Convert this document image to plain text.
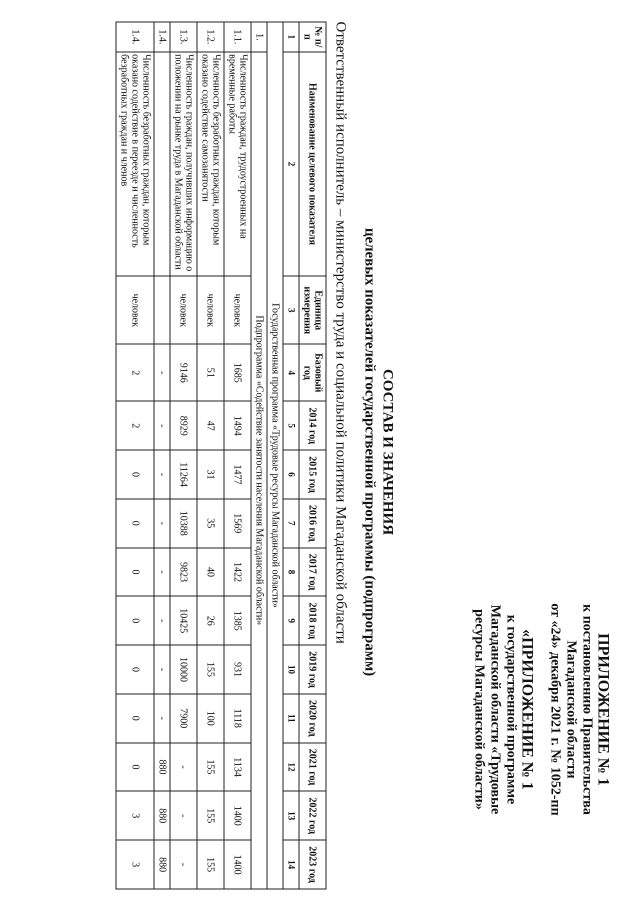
ПРИЛОЖЕНИЕ № 1

к постановлению Правительства

Магаданской области

от «24» декабря 2021 г. № 1052-пп

«ПРИЛОЖЕНИЕ № 1

к государственной программе

Магаданской области «Трудовые

ресурсы Магаданской области»

СОСТАВ И ЗНАЧЕНИЯ
целевых показателей государственной программы (подпрограмм)
Ответственный исполнитель – министерство труда и социальной политики Магаданской области
№ п/п	Наименование целевого показателя	Единица измерения	Базовый год	2014 год	2015 год	2016 год	2017 год	2018 год	2019 год	2020 год	2021 год	2022 год	2023 год
1	2	3	4	5	6	7	8	9	10	11	12	13	14
Государственная программа «Трудовые ресурсы Магаданской области»													
1.	Подпрограмма «Содействие занятости населения Магаданской области»												
1.1.	Численность граждан, трудоустроенных на временные работы	человек	1685	1494	1477	1569	1422	1385	931	1118	1134	1400	1400
1.2.	Численность безработных граждан, которым оказано содействие самозанятости	человек	51	47	31	35	40	26	155	100	155	155	155
1.3.	Численность граждан, получивших информацию о положении на рынке труда в Магаданской области	человек	9146	8929	11264	10388	9823	10425	10000	7900	-	-	-
1.4.			-	-	-	-	-	-	-	-	880	880	880
1.4.	Численность безработных граждан, которым оказано содействие в переезде и численность безработных граждан и членов	человек	2	2	0	0	0	0	0	0	0	3	3
